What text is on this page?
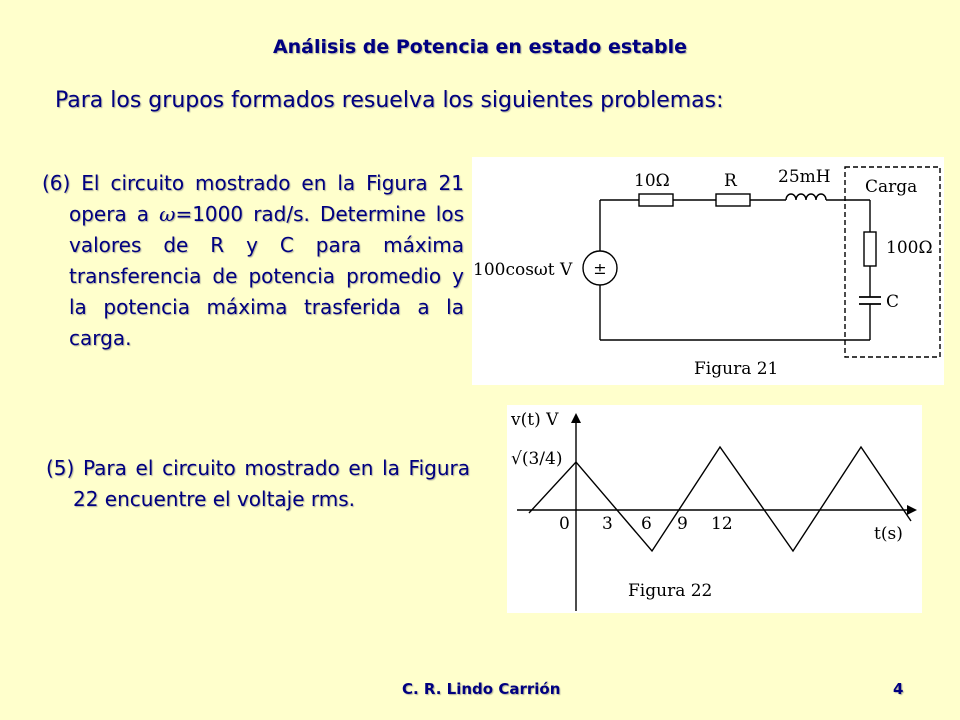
Análisis de Potencia en estado estable
Para los grupos formados resuelva los siguientes problemas:

(6) El circuito mostrado en la Figura 21 opera a ω=1000 rad/s. Determine los valores de R y C para máxima transferencia de potencia promedio y la potencia máxima trasferida a la carga.

(5) Para el circuito mostrado en la Figura 22 encuentre el voltaje rms.

±
10Ω	R 25mH Carga
100Ω
C
100cosωt V
Figura 21
v(t) V
√(3/4)
0 3 6 9 12	t(s)
Figura 22
C. R. Lindo Carrión	4
